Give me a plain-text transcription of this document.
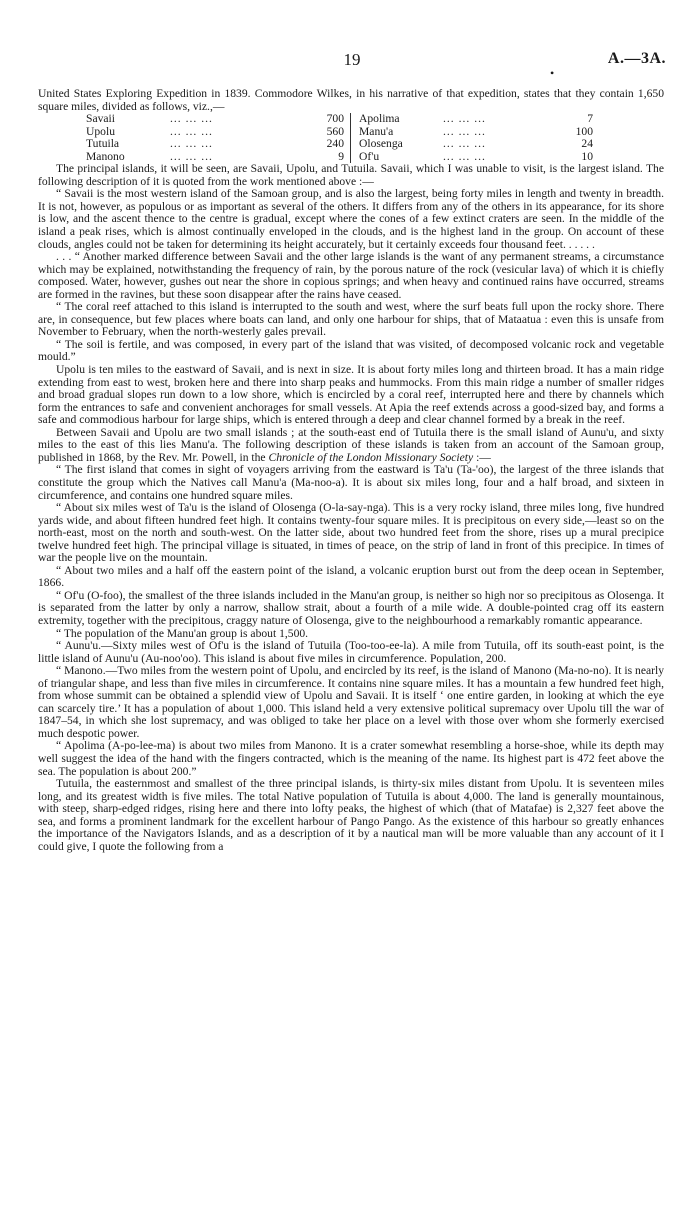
19
•
A.—3A.

United States Exploring Expedition in 1839. Commodore Wilkes, in his narrative of that expedition, states that they contain 1,650 square miles, divided as follows, viz.,—

Savaii	... ... ...	700		Apolima	... ... ...	7
Upolu	... ... ...	560		Manu'a	... ... ...	100
Tutuila	... ... ...	240		Olosenga	... ... ...	24
Manono	... ... ...	9		Of'u	... ... ...	10

The principal islands, it will be seen, are Savaii, Upolu, and Tutuila. Savaii, which I was unable to visit, is the largest island. The following description of it is quoted from the work mentioned above :—

“ Savaii is the most western island of the Samoan group, and is also the largest, being forty miles in length and twenty in breadth. It is not, however, as populous or as important as several of the others. It differs from any of the others in its appearance, for its shore is low, and the ascent thence to the centre is gradual, except where the cones of a few extinct craters are seen. In the middle of the island a peak rises, which is almost continually enveloped in the clouds, and is the highest land in the group. On account of these clouds, angles could not be taken for determining its height accurately, but it certainly exceeds four thousand feet. . . . . .

. . . “ Another marked difference between Savaii and the other large islands is the want of any permanent streams, a circumstance which may be explained, notwithstanding the frequency of rain, by the porous nature of the rock (vesicular lava) of which it is chiefly composed. Water, however, gushes out near the shore in copious springs; and when heavy and continued rains have occurred, streams are formed in the ravines, but these soon disappear after the rains have ceased.

“ The coral reef attached to this island is interrupted to the south and west, where the surf beats full upon the rocky shore. There are, in consequence, but few places where boats can land, and only one harbour for ships, that of Mataatua : even this is unsafe from November to February, when the north-westerly gales prevail.

“ The soil is fertile, and was composed, in every part of the island that was visited, of decomposed volcanic rock and vegetable mould.”

Upolu is ten miles to the eastward of Savaii, and is next in size. It is about forty miles long and thirteen broad. It has a main ridge extending from east to west, broken here and there into sharp peaks and hummocks. From this main ridge a number of smaller ridges and broad gradual slopes run down to a low shore, which is encircled by a coral reef, interrupted here and there by channels which form the entrances to safe and convenient anchorages for small vessels. At Apia the reef extends across a good-sized bay, and forms a safe and commodious harbour for large ships, which is entered through a deep and clear channel formed by a break in the reef.

Between Savaii and Upolu are two small islands ; at the south-east end of Tutuila there is the small island of Aunu'u, and sixty miles to the east of this lies Manu'a. The following description of these islands is taken from an account of the Samoan group, published in 1868, by the Rev. Mr. Powell, in the Chronicle of the London Missionary Society :—

“ The first island that comes in sight of voyagers arriving from the eastward is Ta'u (Ta-'oo), the largest of the three islands that constitute the group which the Natives call Manu'a (Ma-noo-a). It is about six miles long, four and a half broad, and sixteen in circumference, and contains one hundred square miles.

“ About six miles west of Ta'u is the island of Olosenga (O-la-say-nga). This is a very rocky island, three miles long, five hundred yards wide, and about fifteen hundred feet high. It contains twenty-four square miles. It is precipitous on every side,—least so on the north-east, most on the north and south-west. On the latter side, about two hundred feet from the shore, rises up a mural precipice twelve hundred feet high. The principal village is situated, in times of peace, on the strip of land in front of this precipice. In times of war the people live on the mountain.

“ About two miles and a half off the eastern point of the island, a volcanic eruption burst out from the deep ocean in September, 1866.

“ Of'u (O-foo), the smallest of the three islands included in the Manu'an group, is neither so high nor so precipitous as Olosenga. It is separated from the latter by only a narrow, shallow strait, about a fourth of a mile wide. A double-pointed crag off its eastern extremity, together with the precipitous, craggy nature of Olosenga, give to the neighbourhood a remarkably romantic appearance.

“ The population of the Manu'an group is about 1,500.

“ Aunu'u.—Sixty miles west of Of'u is the island of Tutuila (Too-too-ee-la). A mile from Tutuila, off its south-east point, is the little island of Aunu'u (Au-noo'oo). This island is about five miles in circumference. Population, 200.

“ Manono.—Two miles from the western point of Upolu, and encircled by its reef, is the island of Manono (Ma-no-no). It is nearly of triangular shape, and less than five miles in circumference. It contains nine square miles. It has a mountain a few hundred feet high, from whose summit can be obtained a splendid view of Upolu and Savaii. It is itself ‘ one entire garden, in looking at which the eye can scarcely tire.’ It has a population of about 1,000. This island held a very extensive political supremacy over Upolu till the war of 1847–54, in which she lost supremacy, and was obliged to take her place on a level with those over whom she formerly exercised much despotic power.

“ Apolima (A-po-lee-ma) is about two miles from Manono. It is a crater somewhat resembling a horse-shoe, while its depth may well suggest the idea of the hand with the fingers contracted, which is the meaning of the name. Its highest part is 472 feet above the sea. The population is about 200.”

Tutuila, the easternmost and smallest of the three principal islands, is thirty-six miles distant from Upolu. It is seventeen miles long, and its greatest width is five miles. The total Native population of Tutuila is about 4,000. The land is generally mountainous, with steep, sharp-edged ridges, rising here and there into lofty peaks, the highest of which (that of Matafae) is 2,327 feet above the sea, and forms a prominent landmark for the excellent harbour of Pango Pango. As the existence of this harbour so greatly enhances the importance of the Navigators Islands, and as a description of it by a nautical man will be more valuable than any account of it I could give, I quote the following from a
